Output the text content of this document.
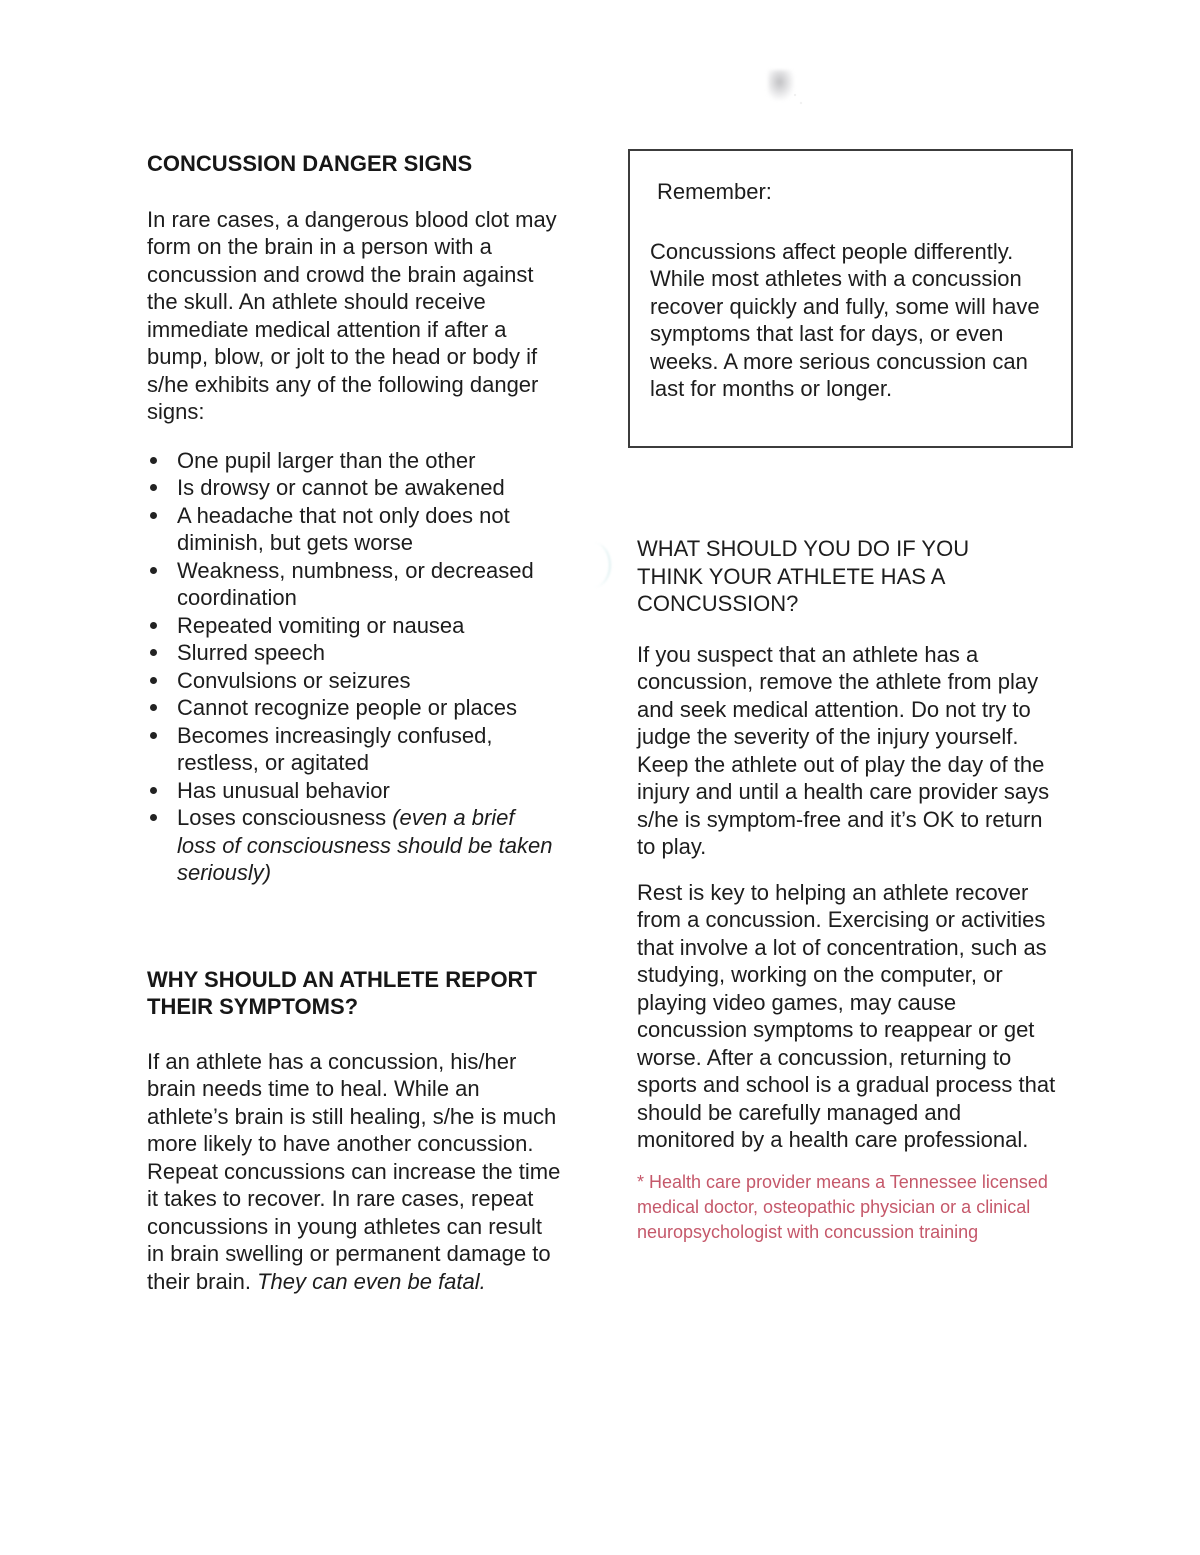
CONCUSSION DANGER SIGNS

In rare cases, a dangerous blood clot may form on the brain in a person with a concussion and crowd the brain against the skull. An athlete should receive immediate medical attention if after a bump, blow, or jolt to the head or body if s/he exhibits any of the following danger signs:

One pupil larger than the other
Is drowsy or cannot be awakened
A headache that not only does not diminish, but gets worse
Weakness, numbness, or decreased coordination
Repeated vomiting or nausea
Slurred speech
Convulsions or seizures
Cannot recognize people or places
Becomes increasingly confused, restless, or agitated
Has unusual behavior
Loses consciousness (even a brief loss of consciousness should be taken seriously)
WHY SHOULD AN ATHLETE REPORT
THEIR SYMPTOMS?

If an athlete has a concussion, his/her brain needs time to heal. While an athlete’s brain is still healing, s/he is much more likely to have another concussion. Repeat concussions can increase the time it takes to recover. In rare cases, repeat concussions in young athletes can result in brain swelling or permanent damage to their brain. They can even be fatal.

Remember:

Concussions affect people differently. While most athletes with a concussion recover quickly and fully, some will have symptoms that last for days, or even weeks. A more serious concussion can last for months or longer.

WHAT SHOULD YOU DO IF YOU
THINK YOUR ATHLETE HAS A
CONCUSSION?

If you suspect that an athlete has a concussion, remove the athlete from play and seek medical attention. Do not try to judge the severity of the injury yourself. Keep the athlete out of play the day of the injury and until a health care provider says s/he is symptom-free and it’s OK to return to play.

Rest is key to helping an athlete recover from a concussion. Exercising or activities that involve a lot of concentration, such as studying, working on the computer, or playing video games, may cause concussion symptoms to reappear or get worse. After a concussion, returning to sports and school is a gradual process that should be carefully managed and monitored by a health care professional.

* Health care provider means a Tennessee licensed medical doctor, osteopathic physician or a clinical neuropsychologist with concussion training
